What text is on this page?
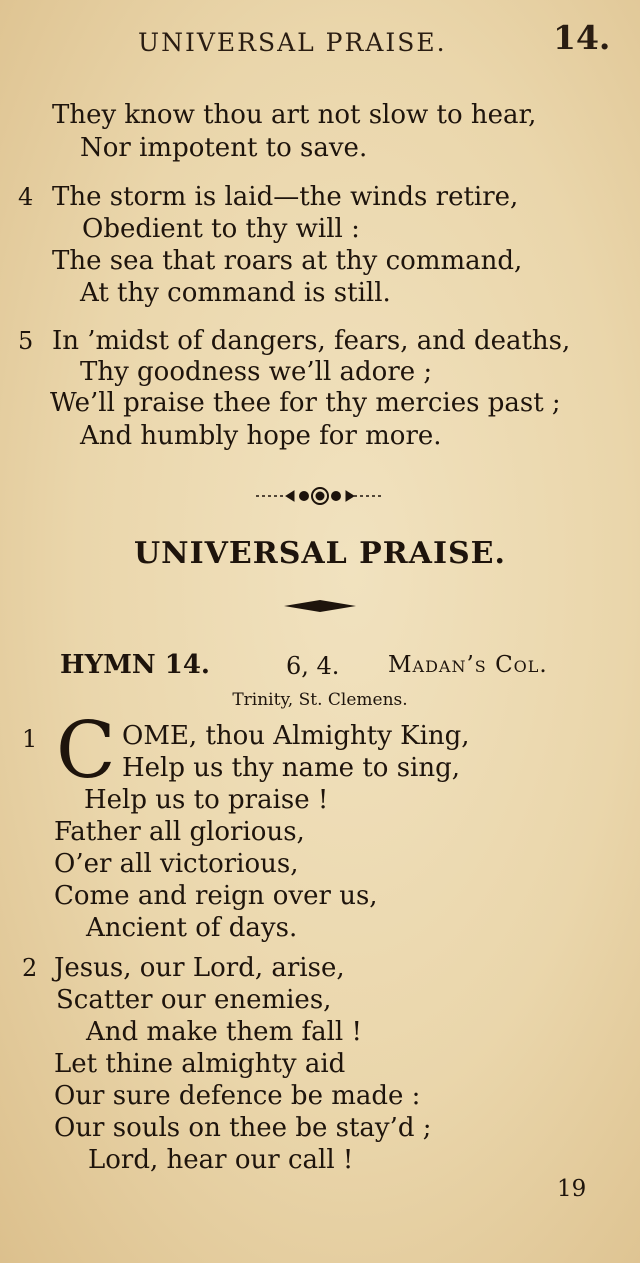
UNIVERSAL PRAISE.	14.
They know thou art not slow to hear,
Nor impotent to save.
4 The storm is laid—the winds retire,
Obedient to thy will :
The sea that roars at thy command,
At thy command is still.
5 In ’midst of dangers, fears, and deaths,
Thy goodness we’ll adore ;
We’ll praise thee for thy mercies past ;
And humbly hope for more.
UNIVERSAL PRAISE.
HYMN 14.	6, 4. Madan’s Col.
Trinity, St. Clemens.
1 C OME, thou Almighty King,
Help us thy name to sing,
Help us to praise !
Father all glorious,
O’er all victorious,
Come and reign over us,
Ancient of days.
2 Jesus, our Lord, arise,
Scatter our enemies,
And make them fall !
Let thine almighty aid
Our sure defence be made :
Our souls on thee be stay’d ;
Lord, hear our call !
19
